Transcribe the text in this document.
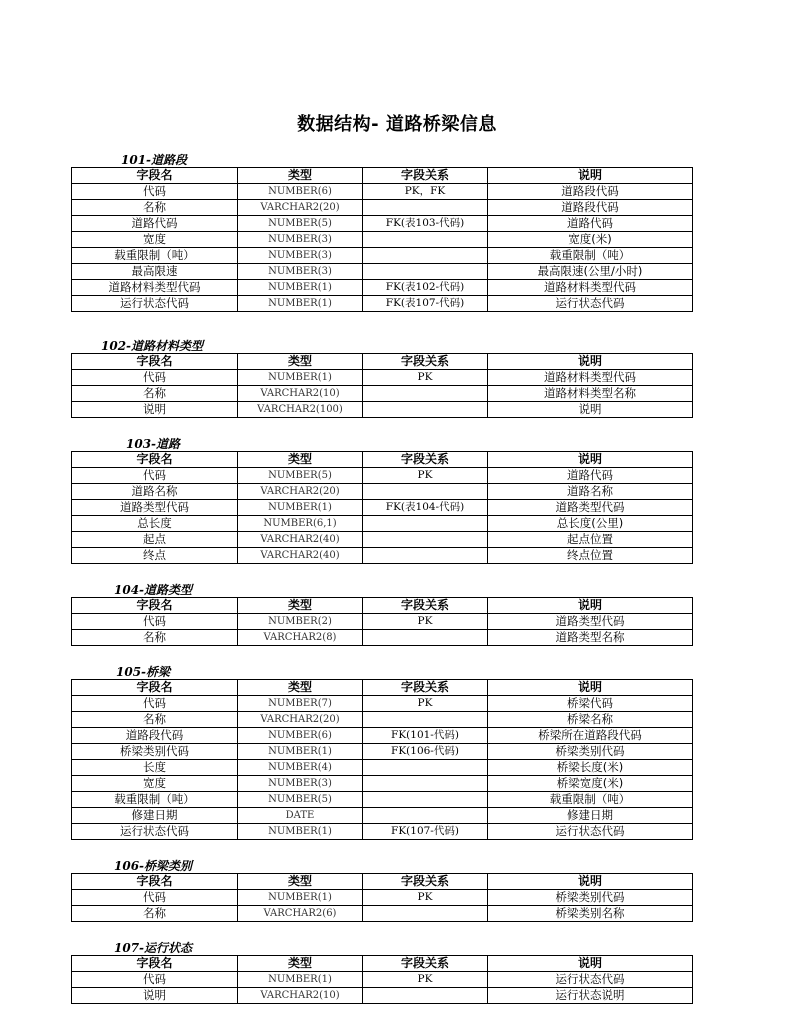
数据结构- 道路桥梁信息
101-道路段
字段名	类型	字段关系	说明
代码	NUMBER(6)	PK，FK	道路段代码
名称	VARCHAR2(20)		道路段代码
道路代码	NUMBER(5)	FK(表103-代码)	道路代码
宽度	NUMBER(3)		宽度(米)
载重限制（吨）	NUMBER(3)		载重限制（吨）
最高限速	NUMBER(3)		最高限速(公里/小时)
道路材料类型代码	NUMBER(1)	FK(表102-代码)	道路材料类型代码
运行状态代码	NUMBER(1)	FK(表107-代码)	运行状态代码
102-道路材料类型
字段名	类型	字段关系	说明
代码	NUMBER(1)	PK	道路材料类型代码
名称	VARCHAR2(10)		道路材料类型名称
说明	VARCHAR2(100)		说明
103-道路
字段名	类型	字段关系	说明
代码	NUMBER(5)	PK	道路代码
道路名称	VARCHAR2(20)		道路名称
道路类型代码	NUMBER(1)	FK(表104-代码)	道路类型代码
总长度	NUMBER(6,1)		总长度(公里)
起点	VARCHAR2(40)		起点位置
终点	VARCHAR2(40)		终点位置
104-道路类型
字段名	类型	字段关系	说明
代码	NUMBER(2)	PK	道路类型代码
名称	VARCHAR2(8)		道路类型名称
105-桥梁
字段名	类型	字段关系	说明
代码	NUMBER(7)	PK	桥梁代码
名称	VARCHAR2(20)		桥梁名称
道路段代码	NUMBER(6)	FK(101-代码)	桥梁所在道路段代码
桥梁类别代码	NUMBER(1)	FK(106-代码)	桥梁类别代码
长度	NUMBER(4)		桥梁长度(米)
宽度	NUMBER(3)		桥梁宽度(米)
载重限制（吨）	NUMBER(5)		载重限制（吨）
修建日期	DATE		修建日期
运行状态代码	NUMBER(1)	FK(107-代码)	运行状态代码
106-桥梁类别
字段名	类型	字段关系	说明
代码	NUMBER(1)	PK	桥梁类别代码
名称	VARCHAR2(6)		桥梁类别名称
107-运行状态
字段名	类型	字段关系	说明
代码	NUMBER(1)	PK	运行状态代码
说明	VARCHAR2(10)		运行状态说明
